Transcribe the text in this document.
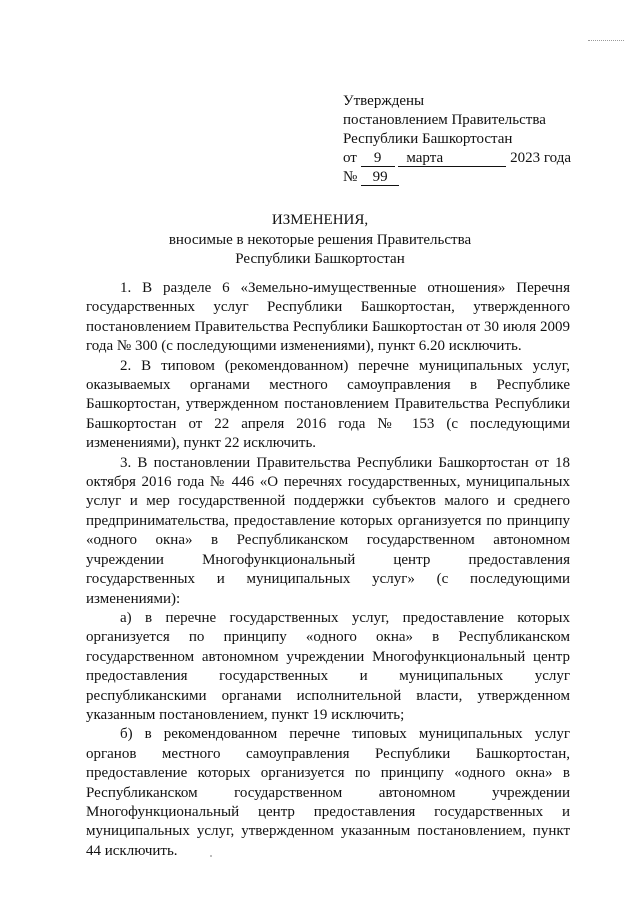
Утверждены
постановлением Правительства
Республики Башкортостан
от 9 марта	2023 года
№ 99
ИЗМЕНЕНИЯ,
вносимые в некоторые решения Правительства
Республики Башкортостан

1. В разделе 6 «Земельно-имущественные отношения» Перечня государственных услуг Республики Башкортостан, утвержденного постановлением Правительства Республики Башкортостан от 30 июля 2009 года № 300 (с последующими изменениями), пункт 6.20 исключить.

2. В типовом (рекомендованном) перечне муниципальных услуг, оказываемых органами местного самоуправления в Республике Башкортостан, утвержденном постановлением Правительства Республики Башкортостан от 22 апреля 2016 года № 153 (с последующими изменениями), пункт 22 исключить.

3. В постановлении Правительства Республики Башкортостан от 18 октября 2016 года № 446 «О перечнях государственных, муниципальных услуг и мер государственной поддержки субъектов малого и среднего предпринимательства, предоставление которых организуется по принципу «одного окна» в Республиканском государственном автономном учреждении Многофункциональный центр предоставления государственных и муниципальных услуг» (с последующими изменениями):

а) в перечне государственных услуг, предоставление которых организуется по принципу «одного окна» в Республиканском государственном автономном учреждении Многофункциональный центр предоставления государственных и муниципальных услуг республиканскими органами исполнительной власти, утвержденном указанным постановлением, пункт 19 исключить;

б) в рекомендованном перечне типовых муниципальных услуг органов местного самоуправления Республики Башкортостан, предоставление которых организуется по принципу «одного окна» в Республиканском государственном автономном учреждении Многофункциональный центр предоставления государственных и муниципальных услуг, утвержденном указанным постановлением, пункт 44 исключить.
